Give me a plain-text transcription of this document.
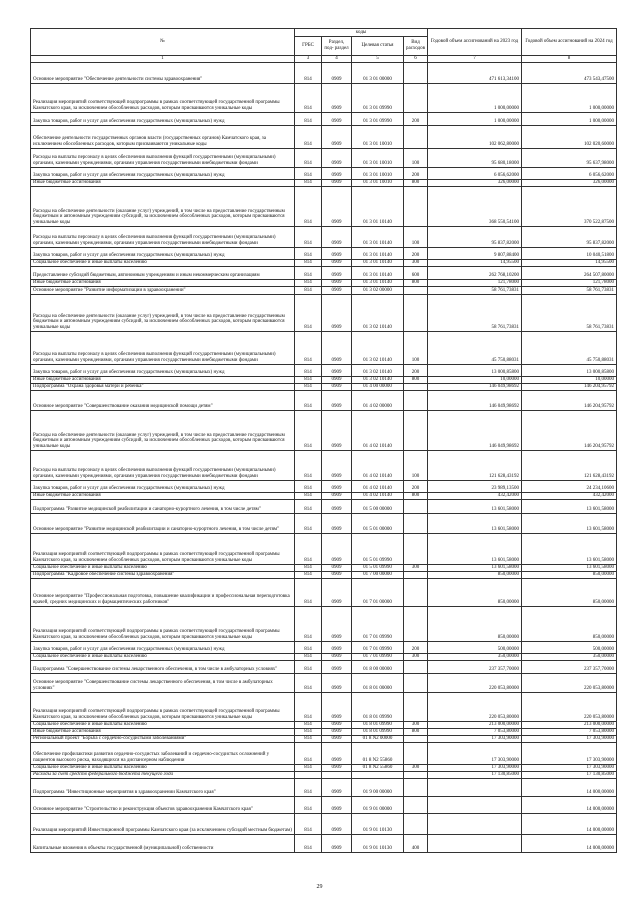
№	коды				Годовой объем ассигнований на 2023 год	Годовой объем ассигнований на 2024 год
	ГРБС	Раздел, под- раздел	Целевая статья	Вид расходов		
1	3	4	5	6	7	8
Основное мероприятие "Обеспечение деятельности системы здравоохранения"	814	0909	01 3 01 00000		471 613,34100	473 543,47500
Реализация мероприятий соответствующей подпрограммы в рамках соответствующей государственной программы Камчатского края, за исключением обособленных расходов, которым присваиваются уникальные коды	814	0909	01 3 01 09990		1 000,00000	1 000,00000
Закупка товаров, работ и услуг для обеспечения государственных (муниципальных) нужд	814	0909	01 3 01 09990	200	1 000,00000	1 000,00000
Обеспечение деятельности государственных органов власти (государственных органов) Камчатского края, за исключением обособленных расходов, которым присваиваются уникальные коды	814	0909	01 3 01 10010		102 062,80000	102 020,60000
Расходы на выплаты персоналу в целях обеспечения выполнения функций государственными (муниципальными) органами, казенными учреждениями, органами управления государственными внебюджетными фондами	814	0909	01 3 01 10010	100	95 680,18000	95 637,98000
Закупка товаров, работ и услуг для обеспечения государственных (муниципальных) нужд	814	0909	01 3 01 10010	200	6 056,62000	6 056,62000
Иные бюджетные ассигнования	814	0909	01 3 01 10010	800	326,00000	326,00000
Расходы на обеспечение деятельности (оказание услуг) учреждений, в том числе на предоставление государственным бюджетным и автономным учреждениям субсидий, за исключением обособленных расходов, которым присваиваются уникальные коды	814	0909	01 3 01 10140		368 550,54100	370 522,87500
Расходы на выплаты персоналу в целях обеспечения выполнения функций государственными (муниципальными) органами, казенными учреждениями, органами управления государственными внебюджетными фондами	814	0909	01 3 01 10140	100	95 837,82000	95 837,82000
Закупка товаров, работ и услуг для обеспечения государственных (муниципальных) нужд	814	0909	01 3 01 10140	200	9 807,88400	10 040,51800
Социальное обеспечение и иные выплаты населению	814	0909	01 3 01 10140	300	14,95500	14,95500
Предоставление субсидий бюджетным, автономным учреждениям и иным некоммерческим организациям	814	0909	01 3 01 10140	600	262 768,10200	264 507,80000
Иные бюджетные ассигнования	814	0909	01 3 01 10140	800	121,78000	121,78000
Основное мероприятие "Развитие информатизации в здравоохранении"	814	0909	01 3 02 00000		58 761,73831	58 761,73831
Расходы на обеспечение деятельности (оказание услуг) учреждений, в том числе на предоставление государственным бюджетным и автономным учреждениям субсидий, за исключением обособленных расходов, которым присваиваются уникальные коды	814	0909	01 3 02 10140		58 761,73831	58 761,73831
Расходы на выплаты персоналу в целях обеспечения выполнения функций государственными (муниципальными) органами, казенными учреждениями, органами управления государственными внебюджетными фондами	814	0909	01 3 02 10140	100	45 750,88031	45 750,88031
Закупка товаров, работ и услуг для обеспечения государственных (муниципальных) нужд	814	0909	01 3 02 10140	200	13 000,85800	13 000,85800
Иные бюджетные ассигнования	814	0909	01 3 02 10140	800	10,00000	10,00000
Подпрограмма "Охрана здоровья матери и ребенка"	814	0909	01 4 00 00000		146 049,98692	146 204,95792
Основное мероприятие "Совершенствование оказания медицинской помощи детям"	814	0909	01 4 02 00000		146 049,98692	146 204,95792
Расходы на обеспечение деятельности (оказание услуг) учреждений, в том числе на предоставление государственным бюджетным и автономным учреждениям субсидий, за исключением обособленных расходов, которым присваиваются уникальные коды	814	0909	01 4 02 10140		146 049,98692	146 204,95792
Расходы на выплаты персоналу в целях обеспечения выполнения функций государственными (муниципальными) органами, казенными учреждениями, органами управления государственными внебюджетными фондами	814	0909	01 4 02 10140	100	121 628,43192	121 628,43192
Закупка товаров, работ и услуг для обеспечения государственных (муниципальных) нужд	814	0909	01 4 02 10140	200	23 989,13500	24 234,10600
Иные бюджетные ассигнования	814	0909	01 4 02 10140	800	432,42000	432,42000
Подпрограмма "Развитие медицинской реабилитации и санаторно-курортного лечения, в том числе детям"	814	0909	01 5 00 00000		13 601,58000	13 601,58000
Основное мероприятие "Развитие медицинской реабилитации и санаторно-курортного лечения, в том числе детям"	814	0909	01 5 01 00000		13 601,58000	13 601,58000
Реализация мероприятий соответствующей подпрограммы в рамках соответствующей государственной программы Камчатского края, за исключением обособленных расходов, которым присваиваются уникальные коды	814	0909	01 5 01 09990		13 601,58000	13 601,58000
Социальное обеспечение и иные выплаты населению	814	0909	01 5 01 09990	300	13 601,58000	13 601,58000
Подпрограмма "Кадровое обеспечение системы здравоохранения"	814	0909	01 7 00 00000		850,00000	850,00000
Основное мероприятие "Профессиональная подготовка, повышение квалификации и профессиональная переподготовка врачей, средних медицинских и фармацевтических работников"	814	0909	01 7 01 00000		850,00000	850,00000
Реализация мероприятий соответствующей подпрограммы в рамках соответствующей государственной программы Камчатского края, за исключением обособленных расходов, которым присваиваются уникальные коды	814	0909	01 7 01 09990		850,00000	850,00000
Закупка товаров, работ и услуг для обеспечения государственных (муниципальных) нужд	814	0909	01 7 01 09990	200	500,00000	500,00000
Социальное обеспечение и иные выплаты населению	814	0909	01 7 01 09990	300	350,00000	350,00000
Подпрограмма "Совершенствование системы лекарственного обеспечения, в том числе в амбулаторных условиях"	814	0909	01 8 00 00000		237 357,70000	237 357,70000
Основное мероприятие "Совершенствование системы лекарственного обеспечения, в том числе в амбулаторных условиях"	814	0909	01 8 01 00000		220 053,80000	220 053,80000
Реализация мероприятий соответствующей подпрограммы в рамках соответствующей государственной программы Камчатского края, за исключением обособленных расходов, которым присваиваются уникальные коды	814	0909	01 8 01 09990		220 053,80000	220 053,80000
Социальное обеспечение и иные выплаты населению	814	0909	01 8 01 09990	300	213 000,00000	213 000,00000
Иные бюджетные ассигнования	814	0909	01 8 01 09990	800	7 053,80000	7 053,80000
Региональный проект "Борьба с сердечно-сосудистыми заболеваниями"	814	0909	01 8 N2 00000		17 303,90000	17 303,90000
Обеспечение профилактики развития сердечно-сосудистых заболеваний и сердечно-сосудистых осложнений у пациентов высокого риска, находящихся на диспансерном наблюдении	814	0909	01 8 N2 55860		17 303,90000	17 303,90000
Социальное обеспечение и иные выплаты населению	814	0909	01 8 N2 55860	300	17 303,90000	17 303,90000
Расходы за счет средств федерального бюджета текущего года					17 130,85000	17 130,85000
Подпрограмма "Инвестиционные мероприятия в здравоохранении Камчатского края"	814	0909	01 9 00 00000			14 000,00000
Основное мероприятие "Строительство и реконструкция объектов здравоохранения Камчатского края"	814	0909	01 9 01 00000			14 000,00000
Реализация мероприятий Инвестиционной программы Камчатского края (за исключением субсидий местным бюджетам)	814	0909	01 9 01 10130			14 000,00000
Капитальные вложения в объекты государственной (муниципальной) собственности	814	0909	01 9 01 10130	400		14 000,00000
29
